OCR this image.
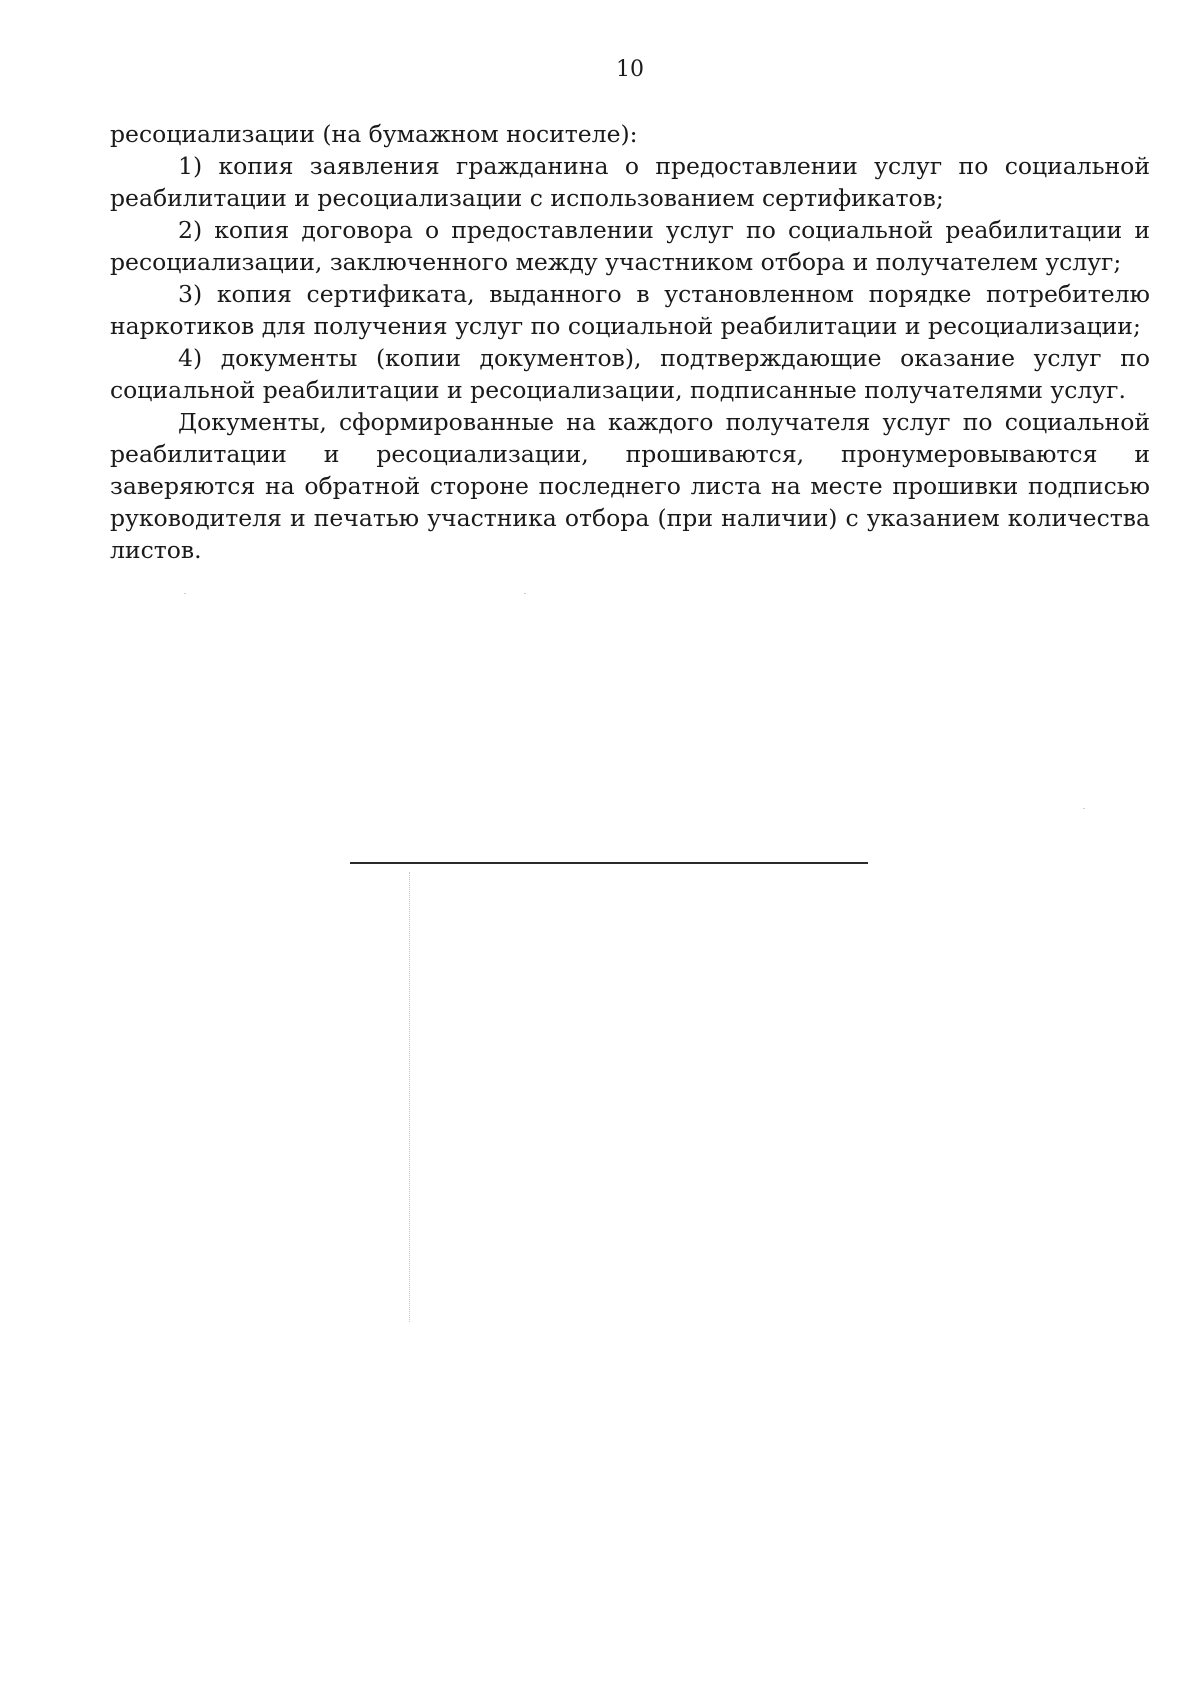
10

ресоциализации (на бумажном носителе):

1) копия заявления гражданина о предоставлении услуг по социальной реабилитации и ресоциализации с использованием сертификатов;

2) копия договора о предоставлении услуг по социальной реабилитации и ресоциализации, заключенного между участником отбора и получателем услуг;

3) копия сертификата, выданного в установленном порядке потребителю наркотиков для получения услуг по социальной реабилитации и ресоциализации;

4) документы (копии документов), подтверждающие оказание услуг по социальной реабилитации и ресоциализации, подписанные получателями услуг.

Документы, сформированные на каждого получателя услуг по социальной реабилитации и ресоциализации, прошиваются, пронумеровываются и заверяются на обратной стороне последнего листа на месте прошивки подписью руководителя и печатью участника отбора (при наличии) с указанием количества листов.
